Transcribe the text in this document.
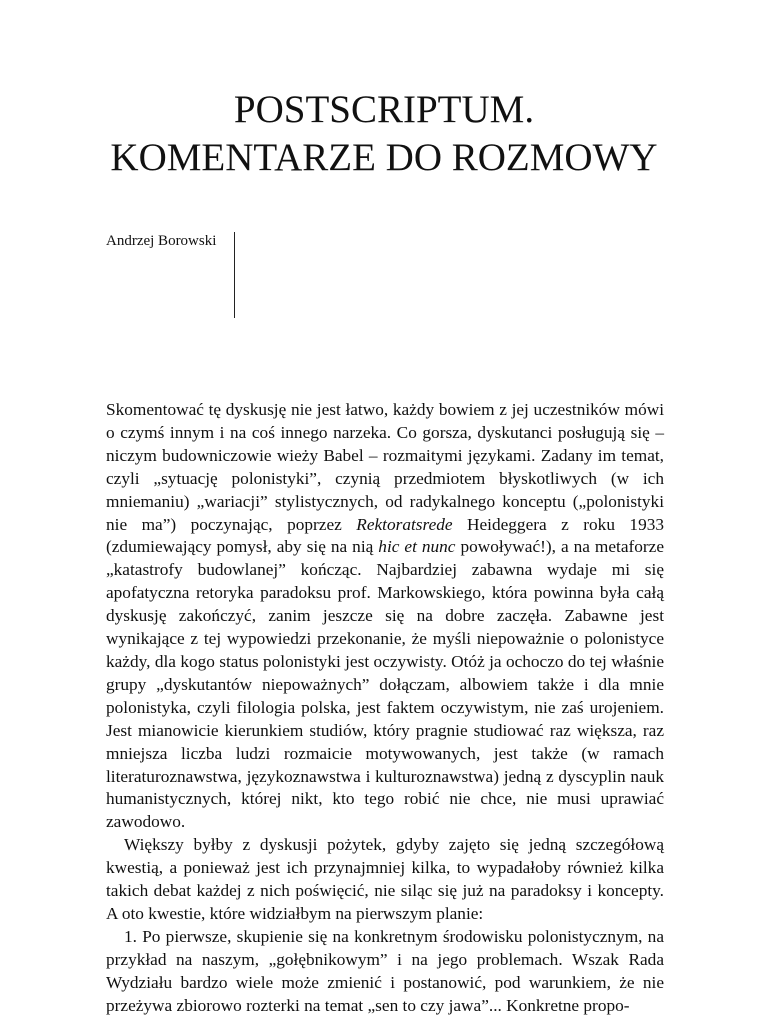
POSTSCRIPTUM.
KOMENTARZE DO ROZMOWY
Andrzej Borowski

Skomentować tę dyskusję nie jest łatwo, każdy bowiem z jej uczestników mówi o czymś innym i na coś innego narzeka. Co gorsza, dyskutanci posługują się – niczym budowniczowie wieży Babel – rozmaitymi językami. Zadany im temat, czyli „sytuację polonistyki”, czynią przedmiotem błyskotliwych (w ich mniemaniu) „wariacji” stylistycznych, od radykalnego konceptu („polonistyki nie ma”) poczynając, poprzez Rektoratsrede Heideggera z roku 1933 (zdumiewający pomysł, aby się na nią hic et nunc powoływać!), a na metaforze „katastrofy budowlanej” kończąc. Najbardziej zabawna wydaje mi się apofatyczna retoryka paradoksu prof. Markowskiego, która powinna była całą dyskusję zakończyć, zanim jeszcze się na dobre zaczęła. Zabawne jest wynikające z tej wypowiedzi przekonanie, że myśli niepoważnie o polonistyce każdy, dla kogo status polonistyki jest oczywisty. Otóż ja ochoczo do tej właśnie grupy „dyskutantów niepoważnych” dołączam, albowiem także i dla mnie polonistyka, czyli filologia polska, jest faktem oczywistym, nie zaś urojeniem. Jest mianowicie kierunkiem studiów, który pragnie studiować raz większa, raz mniejsza liczba ludzi rozmaicie motywowanych, jest także (w ramach literaturoznawstwa, językoznawstwa i kulturoznawstwa) jedną z dyscyplin nauk humanistycznych, której nikt, kto tego robić nie chce, nie musi uprawiać zawodowo.

Większy byłby z dyskusji pożytek, gdyby zajęto się jedną szczegółową kwestią, a ponieważ jest ich przynajmniej kilka, to wypadałoby również kilka takich debat każdej z nich poświęcić, nie siląc się już na paradoksy i koncepty. A oto kwestie, które widziałbym na pierwszym planie:

1. Po pierwsze, skupienie się na konkretnym środowisku polonistycznym, na przykład na naszym, „gołębnikowym” i na jego problemach. Wszak Rada Wydziału bardzo wiele może zmienić i postanowić, pod warunkiem, że nie przeżywa zbiorowo rozterki na temat „sen to czy jawa”... Konkretne propo-
